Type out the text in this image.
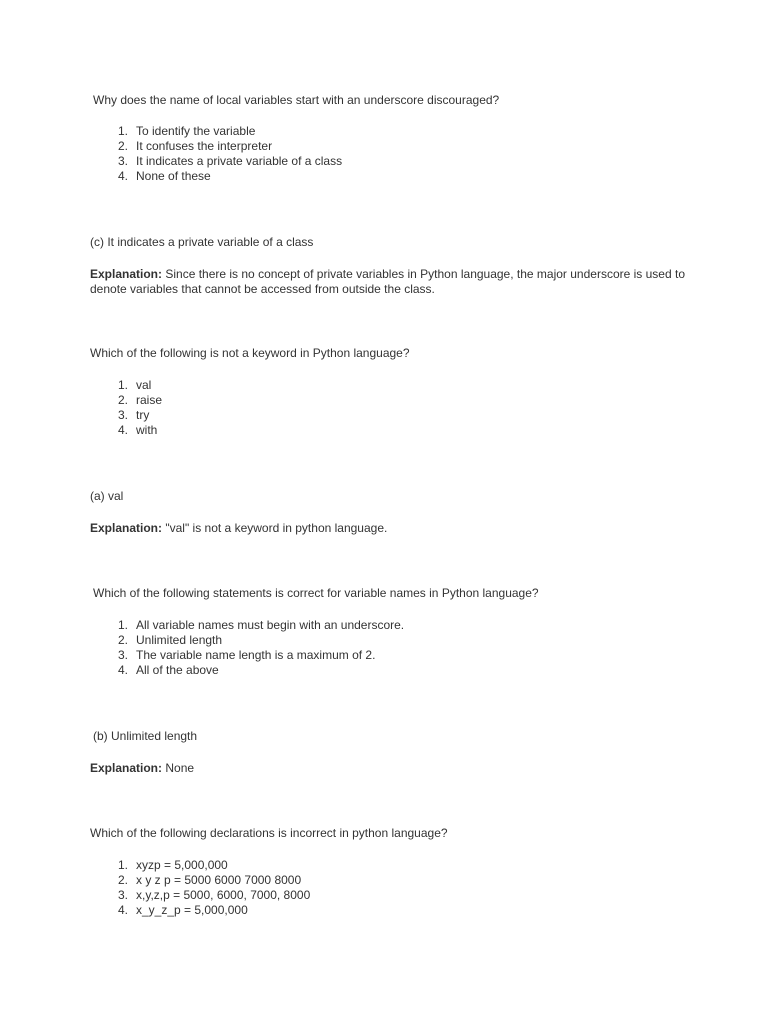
Why does the name of local variables start with an underscore discouraged?
1. To identify the variable
2. It confuses the interpreter
3. It indicates a private variable of a class
4. None of these
(c) It indicates a private variable of a class
Explanation: Since there is no concept of private variables in Python language, the major underscore is used to denote variables that cannot be accessed from outside the class.
Which of the following is not a keyword in Python language?
1. val
2. raise
3. try
4. with
(a) val
Explanation: "val" is not a keyword in python language.
Which of the following statements is correct for variable names in Python language?
1. All variable names must begin with an underscore.
2. Unlimited length
3. The variable name length is a maximum of 2.
4. All of the above
(b) Unlimited length
Explanation: None
Which of the following declarations is incorrect in python language?
1. xyzp = 5,000,000
2. x y z p = 5000 6000 7000 8000
3. x,y,z,p = 5000, 6000, 7000, 8000
4. x_y_z_p = 5,000,000
